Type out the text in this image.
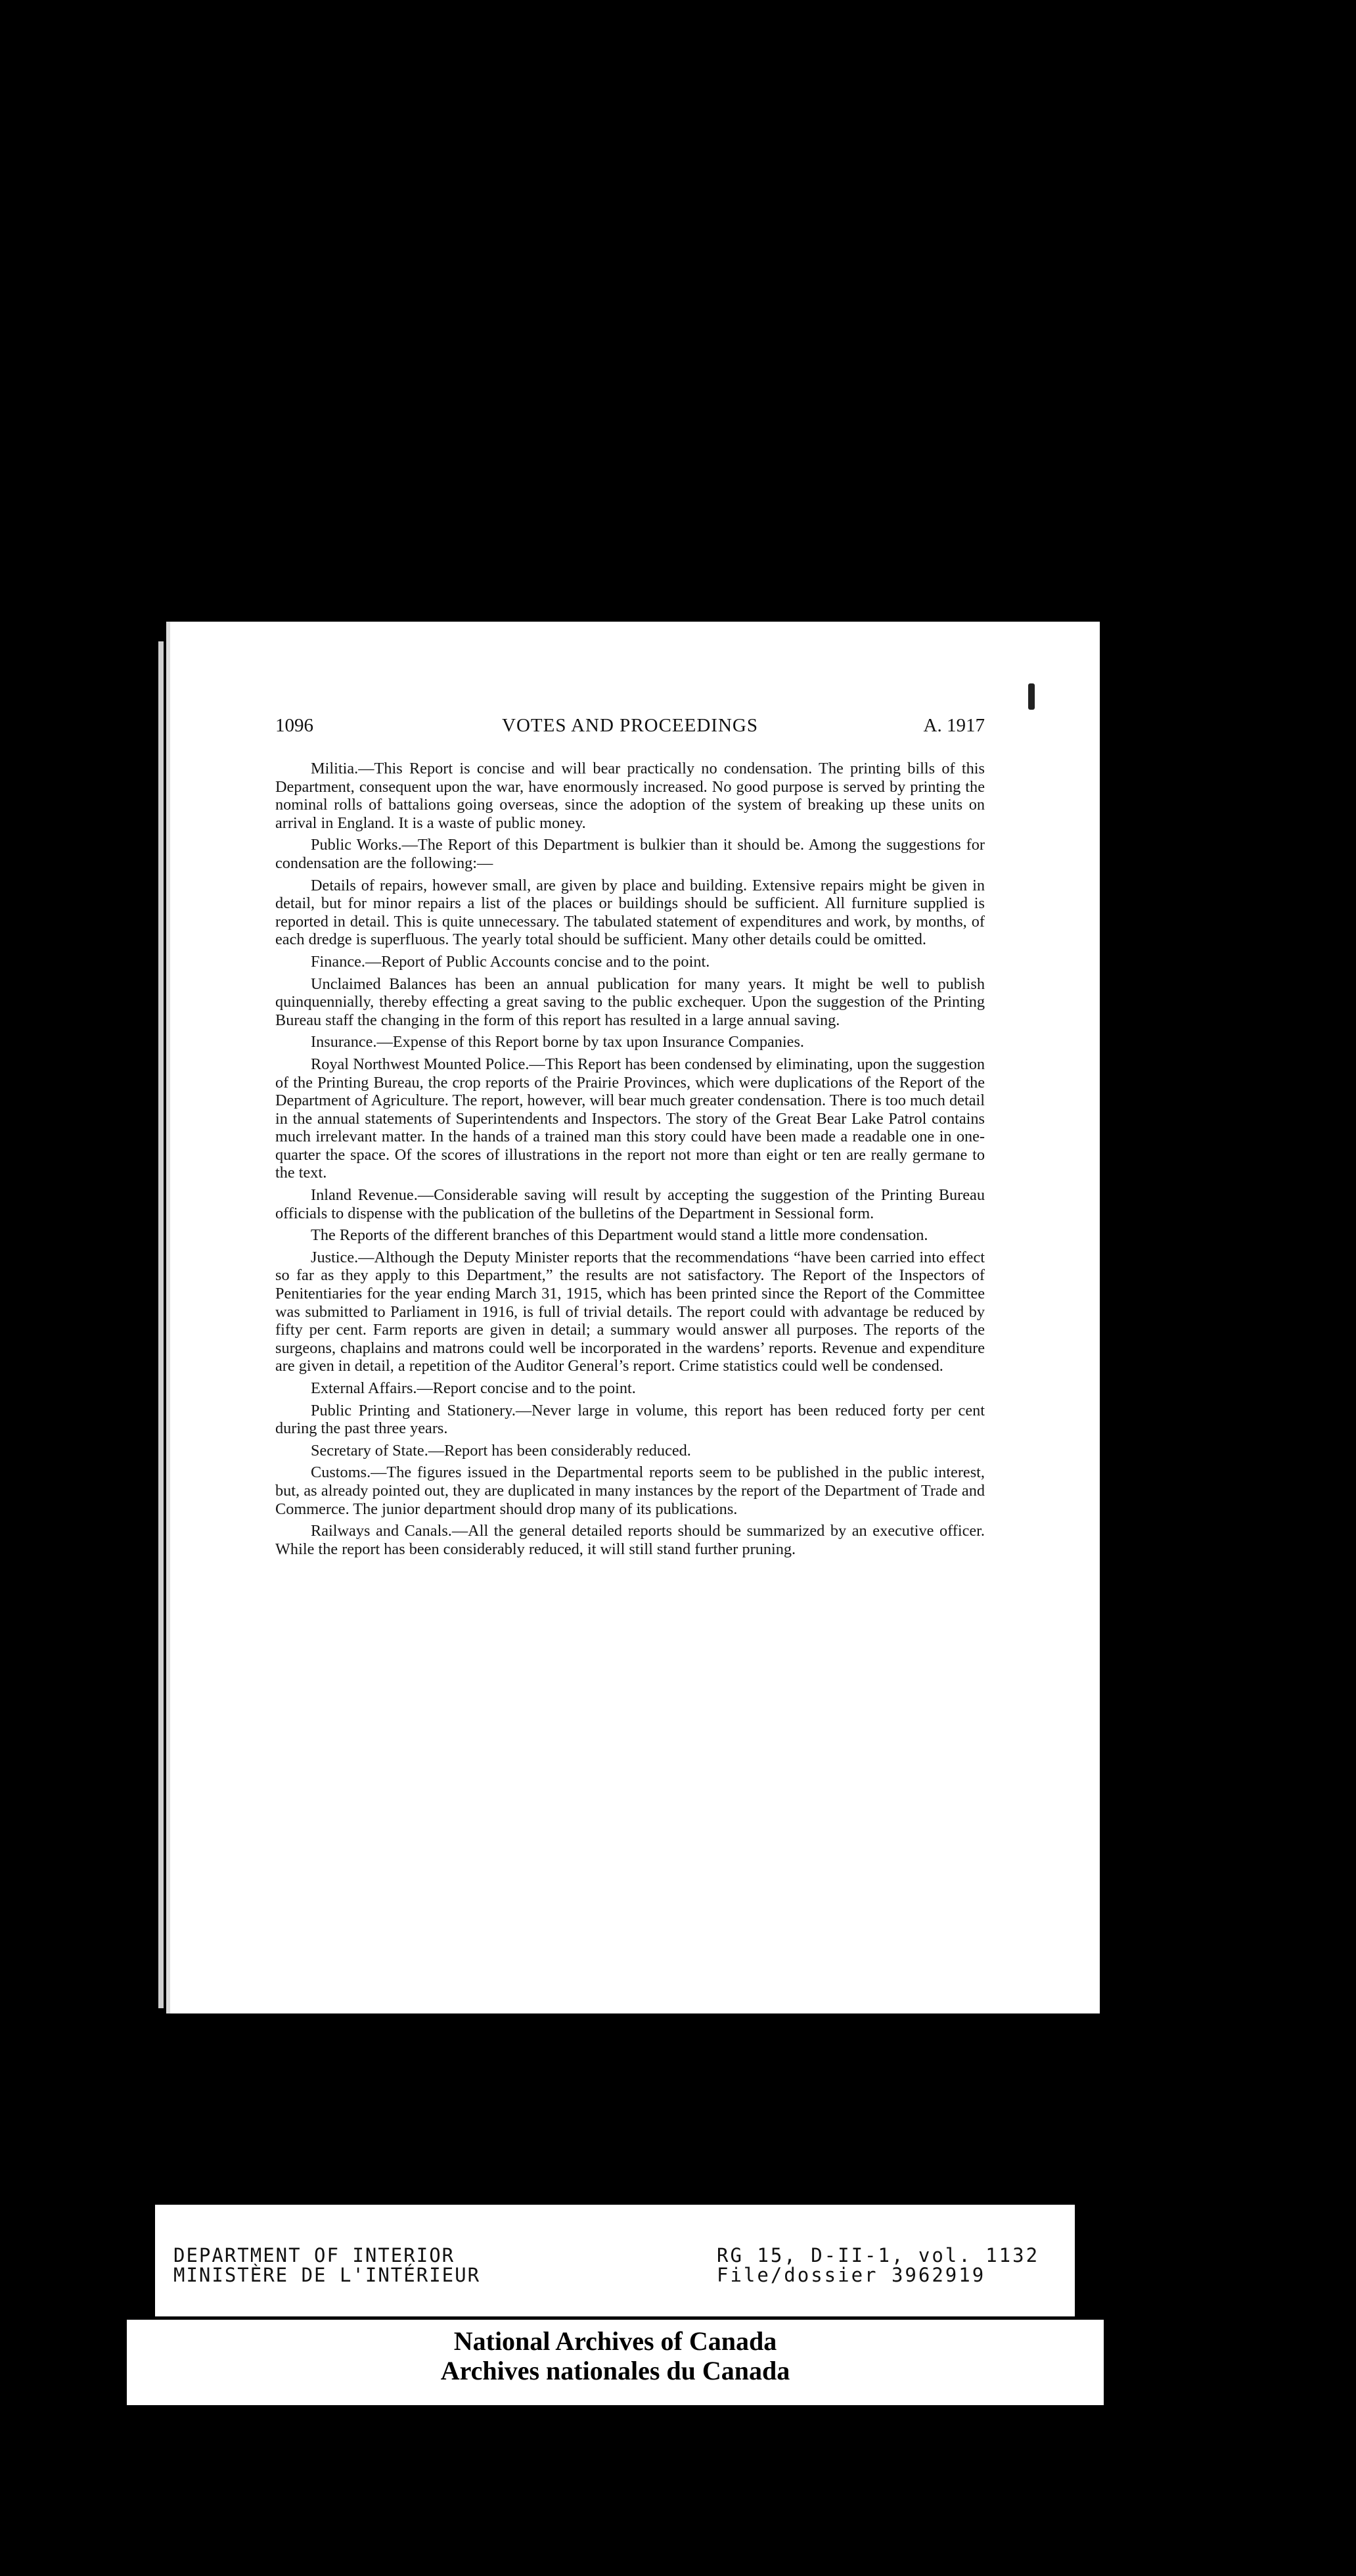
1096	VOTES AND PROCEEDINGS	A. 1917

Militia.—This Report is concise and will bear practically no condensation. The printing bills of this Department, consequent upon the war, have enormously increased. No good purpose is served by printing the nominal rolls of battalions going overseas, since the adoption of the system of breaking up these units on arrival in England. It is a waste of public money.

Public Works.—The Report of this Department is bulkier than it should be. Among the suggestions for condensation are the following:—

Details of repairs, however small, are given by place and building. Extensive repairs might be given in detail, but for minor repairs a list of the places or buildings should be sufficient. All furniture supplied is reported in detail. This is quite unnecessary. The tabulated statement of expenditures and work, by months, of each dredge is superfluous. The yearly total should be sufficient. Many other details could be omitted.

Finance.—Report of Public Accounts concise and to the point.

Unclaimed Balances has been an annual publication for many years. It might be well to publish quinquennially, thereby effecting a great saving to the public exchequer. Upon the suggestion of the Printing Bureau staff the changing in the form of this report has resulted in a large annual saving.

Insurance.—Expense of this Report borne by tax upon Insurance Companies.

Royal Northwest Mounted Police.—This Report has been condensed by eliminating, upon the suggestion of the Printing Bureau, the crop reports of the Prairie Provinces, which were duplications of the Report of the Department of Agriculture. The report, however, will bear much greater condensation. There is too much detail in the annual statements of Superintendents and Inspectors. The story of the Great Bear Lake Patrol contains much irrelevant matter. In the hands of a trained man this story could have been made a readable one in one-quarter the space. Of the scores of illustrations in the report not more than eight or ten are really germane to the text.

Inland Revenue.—Considerable saving will result by accepting the suggestion of the Printing Bureau officials to dispense with the publication of the bulletins of the Department in Sessional form.

The Reports of the different branches of this Department would stand a little more condensation.

Justice.—Although the Deputy Minister reports that the recommendations “have been carried into effect so far as they apply to this Department,” the results are not satisfactory. The Report of the Inspectors of Penitentiaries for the year ending March 31, 1915, which has been printed since the Report of the Committee was submitted to Parliament in 1916, is full of trivial details. The report could with advantage be reduced by fifty per cent. Farm reports are given in detail; a summary would answer all purposes. The reports of the surgeons, chaplains and matrons could well be incorporated in the wardens’ reports. Revenue and expenditure are given in detail, a repetition of the Auditor General’s report. Crime statistics could well be condensed.

External Affairs.—Report concise and to the point.

Public Printing and Stationery.—Never large in volume, this report has been reduced forty per cent during the past three years.

Secretary of State.—Report has been considerably reduced.

Customs.—The figures issued in the Departmental reports seem to be published in the public interest, but, as already pointed out, they are duplicated in many instances by the report of the Department of Trade and Commerce. The junior department should drop many of its publications.

Railways and Canals.—All the general detailed reports should be summarized by an executive officer. While the report has been considerably reduced, it will still stand further pruning.

DEPARTMENT OF INTERIOR
MINISTÈRE DE L'INTÉRIEUR
RG 15, D-II-1, vol. 1132
File/dossier 3962919
National Archives of Canada
Archives nationales du Canada
